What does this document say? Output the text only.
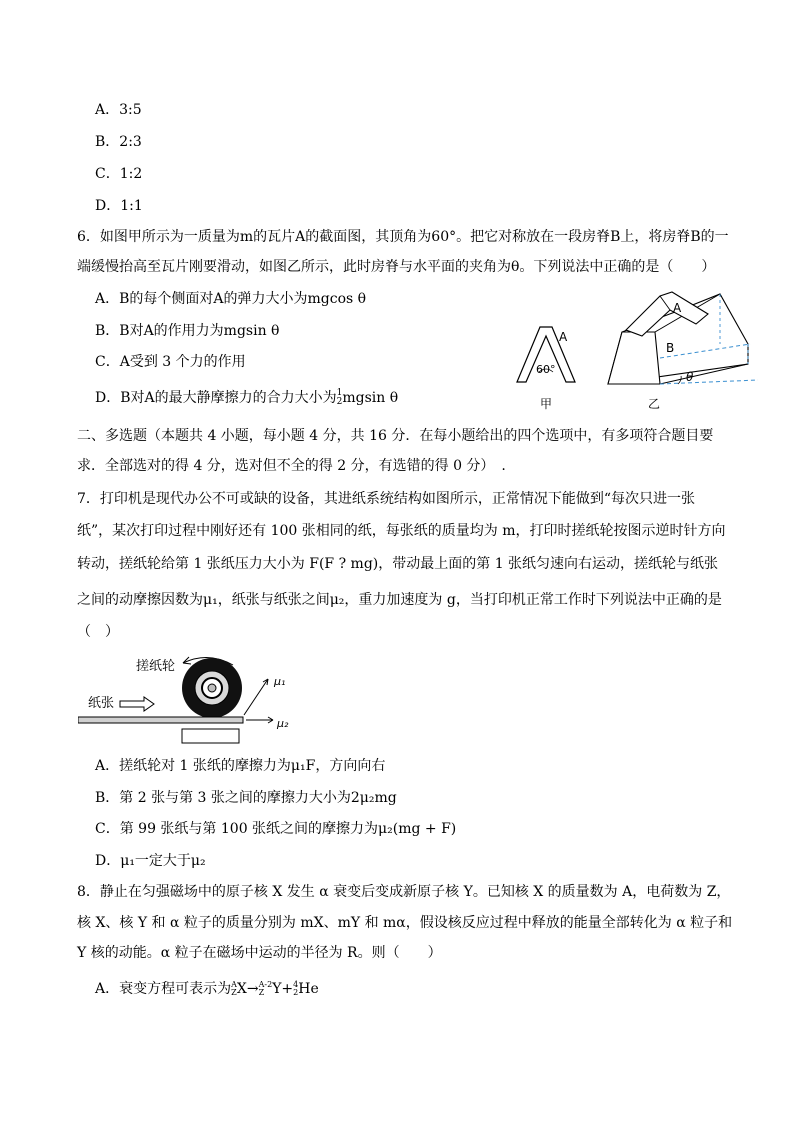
A．3:5
B．2:3
C．1:2
D．1:1
6．如图甲所示为一质量为m的瓦片A的截面图，其顶角为60°。把它对称放在一段房脊B上，将房脊B的一
端缓慢抬高至瓦片刚要滑动，如图乙所示，此时房脊与水平面的夹角为θ。下列说法中正确的是（　　）
A．B的每个侧面对A的弹力大小为mgcos θ
B．B对A的作用力为mgsin θ
C．A受到 3 个力的作用
D．B对A的最大静摩擦力的合力大小为 1
2 mgsin θ
A
60°
甲
A
B
θ
乙
二、多选题（本题共 4 小题，每小题 4 分，共 16 分．在每小题给出的四个选项中，有多项符合题目要
求．全部选对的得 4 分，选对但不全的得 2 分，有选错的得 0 分）　.
7．打印机是现代办公不可或缺的设备，其进纸系统结构如图所示，正常情况下能做到“每次只进一张
纸”，某次打印过程中刚好还有 100 张相同的纸，每张纸的质量均为 m，打印时搓纸轮按图示逆时针方向
转动，搓纸轮给第 1 张纸压力大小为 F(F ? mg)，带动最上面的第 1 张纸匀速向右运动，搓纸轮与纸张
之间的动摩擦因数为μ₁，纸张与纸张之间μ₂，重力加速度为 g，当打印机正常工作时下列说法中正确的是
（　）
搓纸轮
纸张
μ₁
μ₂
A．搓纸轮对 1 张纸的摩擦力为μ₁F，方向向右
B．第 2 张与第 3 张之间的摩擦力大小为2μ₂mg
C．第 99 张纸与第 100 张纸之间的摩擦力为μ₂(mg + F)
D．μ₁一定大于μ₂
8．静止在匀强磁场中的原子核 X 发生 α 衰变后变成新原子核 Y。已知核 X 的质量数为 A，电荷数为 Z，
核 X、核 Y 和 α 粒子的质量分别为 mX、mY 和 mα，假设核反应过程中释放的能量全部转化为 α 粒子和
Y 核的动能。α 粒子在磁场中运动的半径为 R。则（　　）
A．衰变方程可表示为 A
Z X→ A-2
Z Y+ 4
2 He
